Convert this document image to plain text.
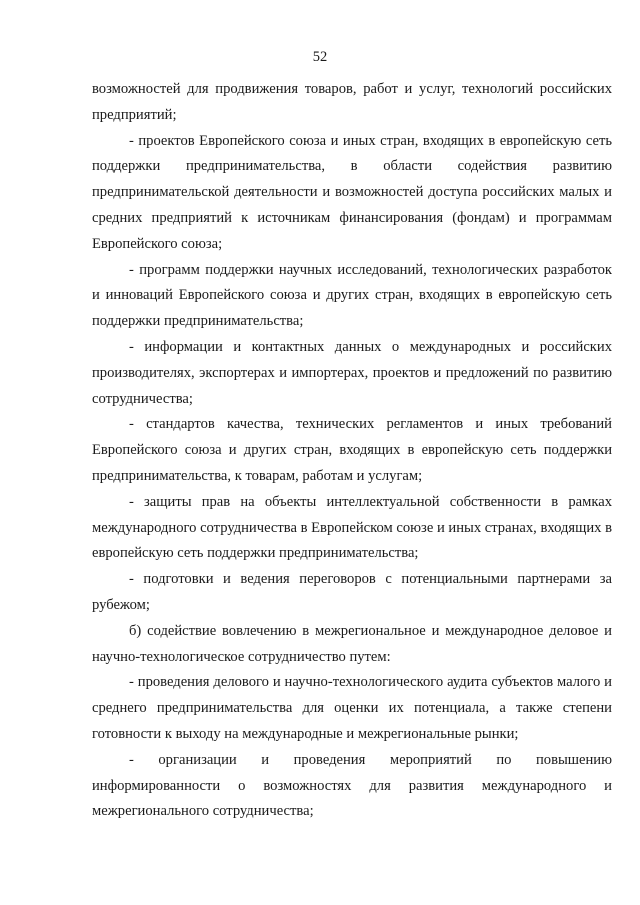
52

возможностей для продвижения товаров, работ и услуг, технологий российских предприятий;

- проектов Европейского союза и иных стран, входящих в европейскую сеть поддержки предпринимательства, в области содействия развитию предпринимательской деятельности и возможностей доступа российских малых и средних предприятий к источникам финансирования (фондам) и программам Европейского союза;

- программ поддержки научных исследований, технологических разработок и инноваций Европейского союза и других стран, входящих в европейскую сеть поддержки предпринимательства;

- информации и контактных данных о международных и российских производителях, экспортерах и импортерах, проектов и предложений по развитию сотрудничества;

- стандартов качества, технических регламентов и иных требований Европейского союза и других стран, входящих в европейскую сеть поддержки предпринимательства, к товарам, работам и услугам;

- защиты прав на объекты интеллектуальной собственности в рамках международного сотрудничества в Европейском союзе и иных странах, входящих в европейскую сеть поддержки предпринимательства;

- подготовки и ведения переговоров с потенциальными партнерами за рубежом;

б) содействие вовлечению в межрегиональное и международное деловое и научно-технологическое сотрудничество путем:

- проведения делового и научно-технологического аудита субъектов малого и среднего предпринимательства для оценки их потенциала, а также степени готовности к выходу на международные и межрегиональные рынки;

- организации и проведения мероприятий по повышению информированности о возможностях для развития международного и межрегионального сотрудничества;
